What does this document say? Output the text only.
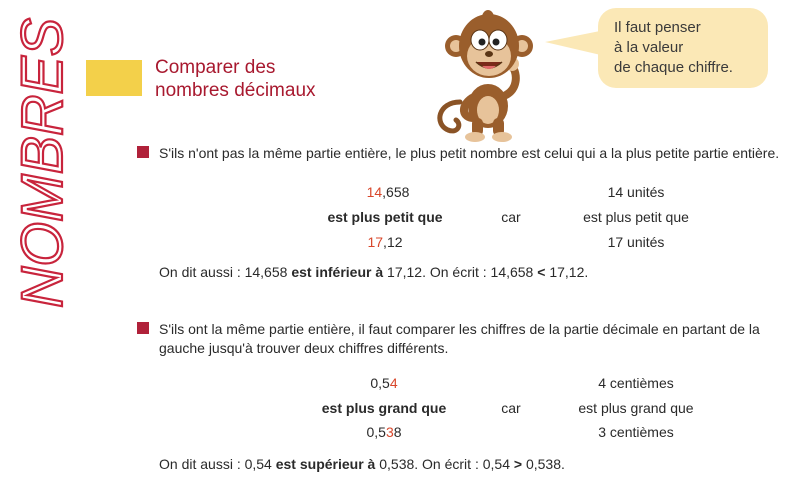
NOMBRES	Comparer des
nombres décimaux
Il faut penser
à la valeur
de chaque chiffre.
S'ils n'ont pas la même partie entière, le plus petit nombre est celui qui a la plus petite partie entière.
14,658
est plus petit que
17,12
car
14 unités
est plus petit que
17 unités
On dit aussi : 14,658 est inférieur à 17,12. On écrit : 14,658 < 17,12.
S'ils ont la même partie entière, il faut comparer les chiffres de la partie décimale en partant de la gauche jusqu'à trouver deux chiffres différents.
0,54
est plus grand que
0,538
car
4 centièmes
est plus grand que
3 centièmes
On dit aussi : 0,54 est supérieur à 0,538. On écrit : 0,54 > 0,538.
